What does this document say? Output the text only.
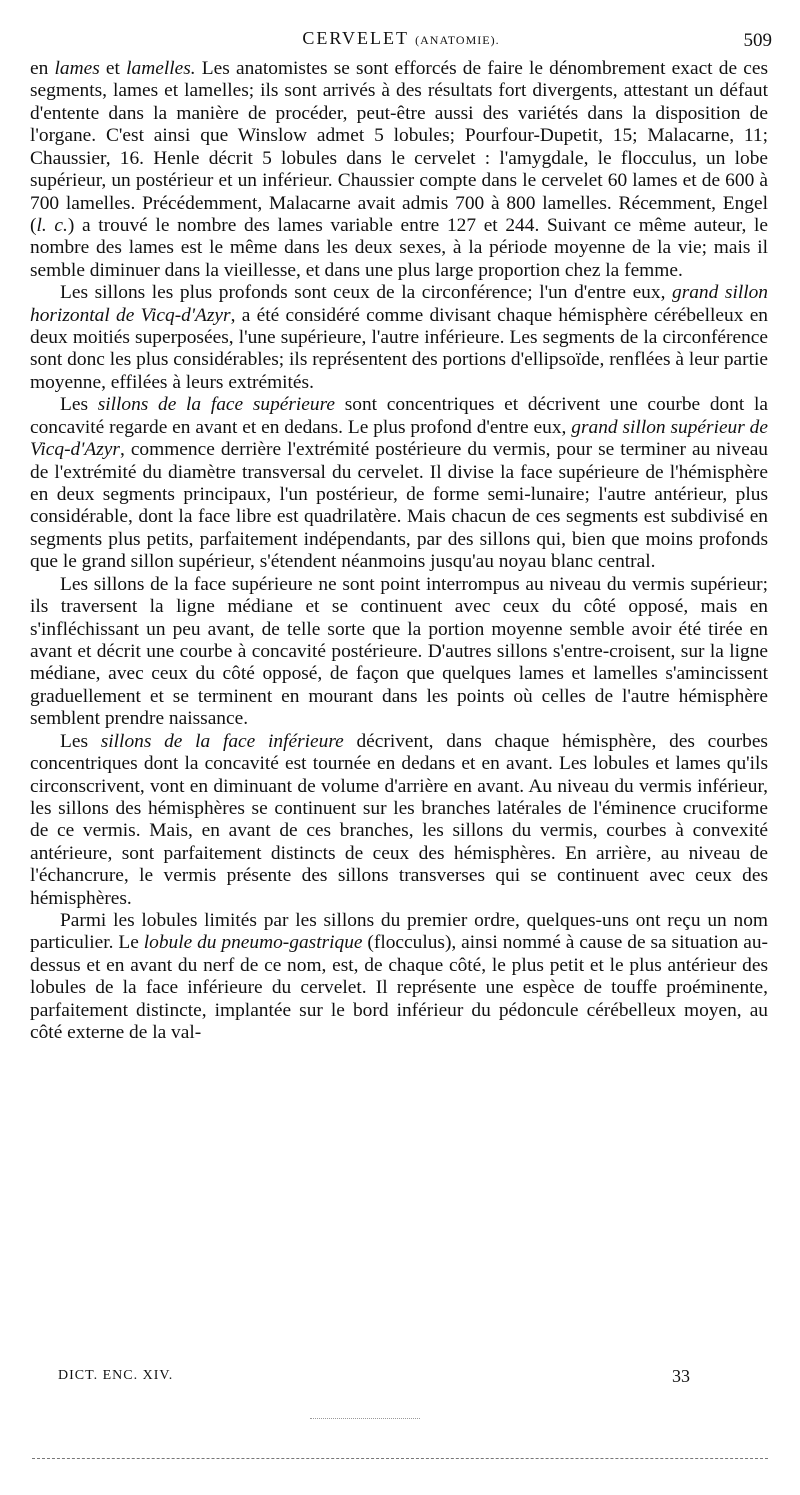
CERVELET (ANATOMIE).	509

en lames et lamelles. Les anatomistes se sont efforcés de faire le dénombrement exact de ces segments, lames et lamelles; ils sont arrivés à des résultats fort divergents, attestant un défaut d'entente dans la manière de procéder, peut-être aussi des variétés dans la disposition de l'organe. C'est ainsi que Winslow admet 5 lobules; Pourfour-Dupetit, 15; Malacarne, 11; Chaussier, 16. Henle décrit 5 lobules dans le cervelet : l'amygdale, le flocculus, un lobe supérieur, un postérieur et un inférieur. Chaussier compte dans le cervelet 60 lames et de 600 à 700 lamelles. Précédemment, Malacarne avait admis 700 à 800 lamelles. Récemment, Engel (l. c.) a trouvé le nombre des lames variable entre 127 et 244. Suivant ce même auteur, le nombre des lames est le même dans les deux sexes, à la période moyenne de la vie; mais il semble diminuer dans la vieillesse, et dans une plus large proportion chez la femme.

Les sillons les plus profonds sont ceux de la circonférence; l'un d'entre eux, grand sillon horizontal de Vicq-d'Azyr, a été considéré comme divisant chaque hémisphère cérébelleux en deux moitiés superposées, l'une supérieure, l'autre inférieure. Les segments de la circonférence sont donc les plus considérables; ils représentent des portions d'ellipsoïde, renflées à leur partie moyenne, effilées à leurs extrémités.

Les sillons de la face supérieure sont concentriques et décrivent une courbe dont la concavité regarde en avant et en dedans. Le plus profond d'entre eux, grand sillon supérieur de Vicq-d'Azyr, commence derrière l'extrémité postérieure du vermis, pour se terminer au niveau de l'extrémité du diamètre transversal du cervelet. Il divise la face supérieure de l'hémisphère en deux segments principaux, l'un postérieur, de forme semi-lunaire; l'autre antérieur, plus considérable, dont la face libre est quadrilatère. Mais chacun de ces segments est subdivisé en segments plus petits, parfaitement indépendants, par des sillons qui, bien que moins profonds que le grand sillon supérieur, s'étendent néanmoins jusqu'au noyau blanc central.

Les sillons de la face supérieure ne sont point interrompus au niveau du vermis supérieur; ils traversent la ligne médiane et se continuent avec ceux du côté opposé, mais en s'infléchissant un peu avant, de telle sorte que la portion moyenne semble avoir été tirée en avant et décrit une courbe à concavité postérieure. D'autres sillons s'entre-croisent, sur la ligne médiane, avec ceux du côté opposé, de façon que quelques lames et lamelles s'amincissent graduellement et se terminent en mourant dans les points où celles de l'autre hémisphère semblent prendre naissance.

Les sillons de la face inférieure décrivent, dans chaque hémisphère, des courbes concentriques dont la concavité est tournée en dedans et en avant. Les lobules et lames qu'ils circonscrivent, vont en diminuant de volume d'arrière en avant. Au niveau du vermis inférieur, les sillons des hémisphères se continuent sur les branches latérales de l'éminence cruciforme de ce vermis. Mais, en avant de ces branches, les sillons du vermis, courbes à convexité antérieure, sont parfaitement distincts de ceux des hémisphères. En arrière, au niveau de l'échancrure, le vermis présente des sillons transverses qui se continuent avec ceux des hémisphères.

Parmi les lobules limités par les sillons du premier ordre, quelques-uns ont reçu un nom particulier. Le lobule du pneumo-gastrique (flocculus), ainsi nommé à cause de sa situation au-dessus et en avant du nerf de ce nom, est, de chaque côté, le plus petit et le plus antérieur des lobules de la face inférieure du cervelet. Il représente une espèce de touffe proéminente, parfaitement distincte, implantée sur le bord inférieur du pédoncule cérébelleux moyen, au côté externe de la val-

DICT. ENC. XIV.	33
